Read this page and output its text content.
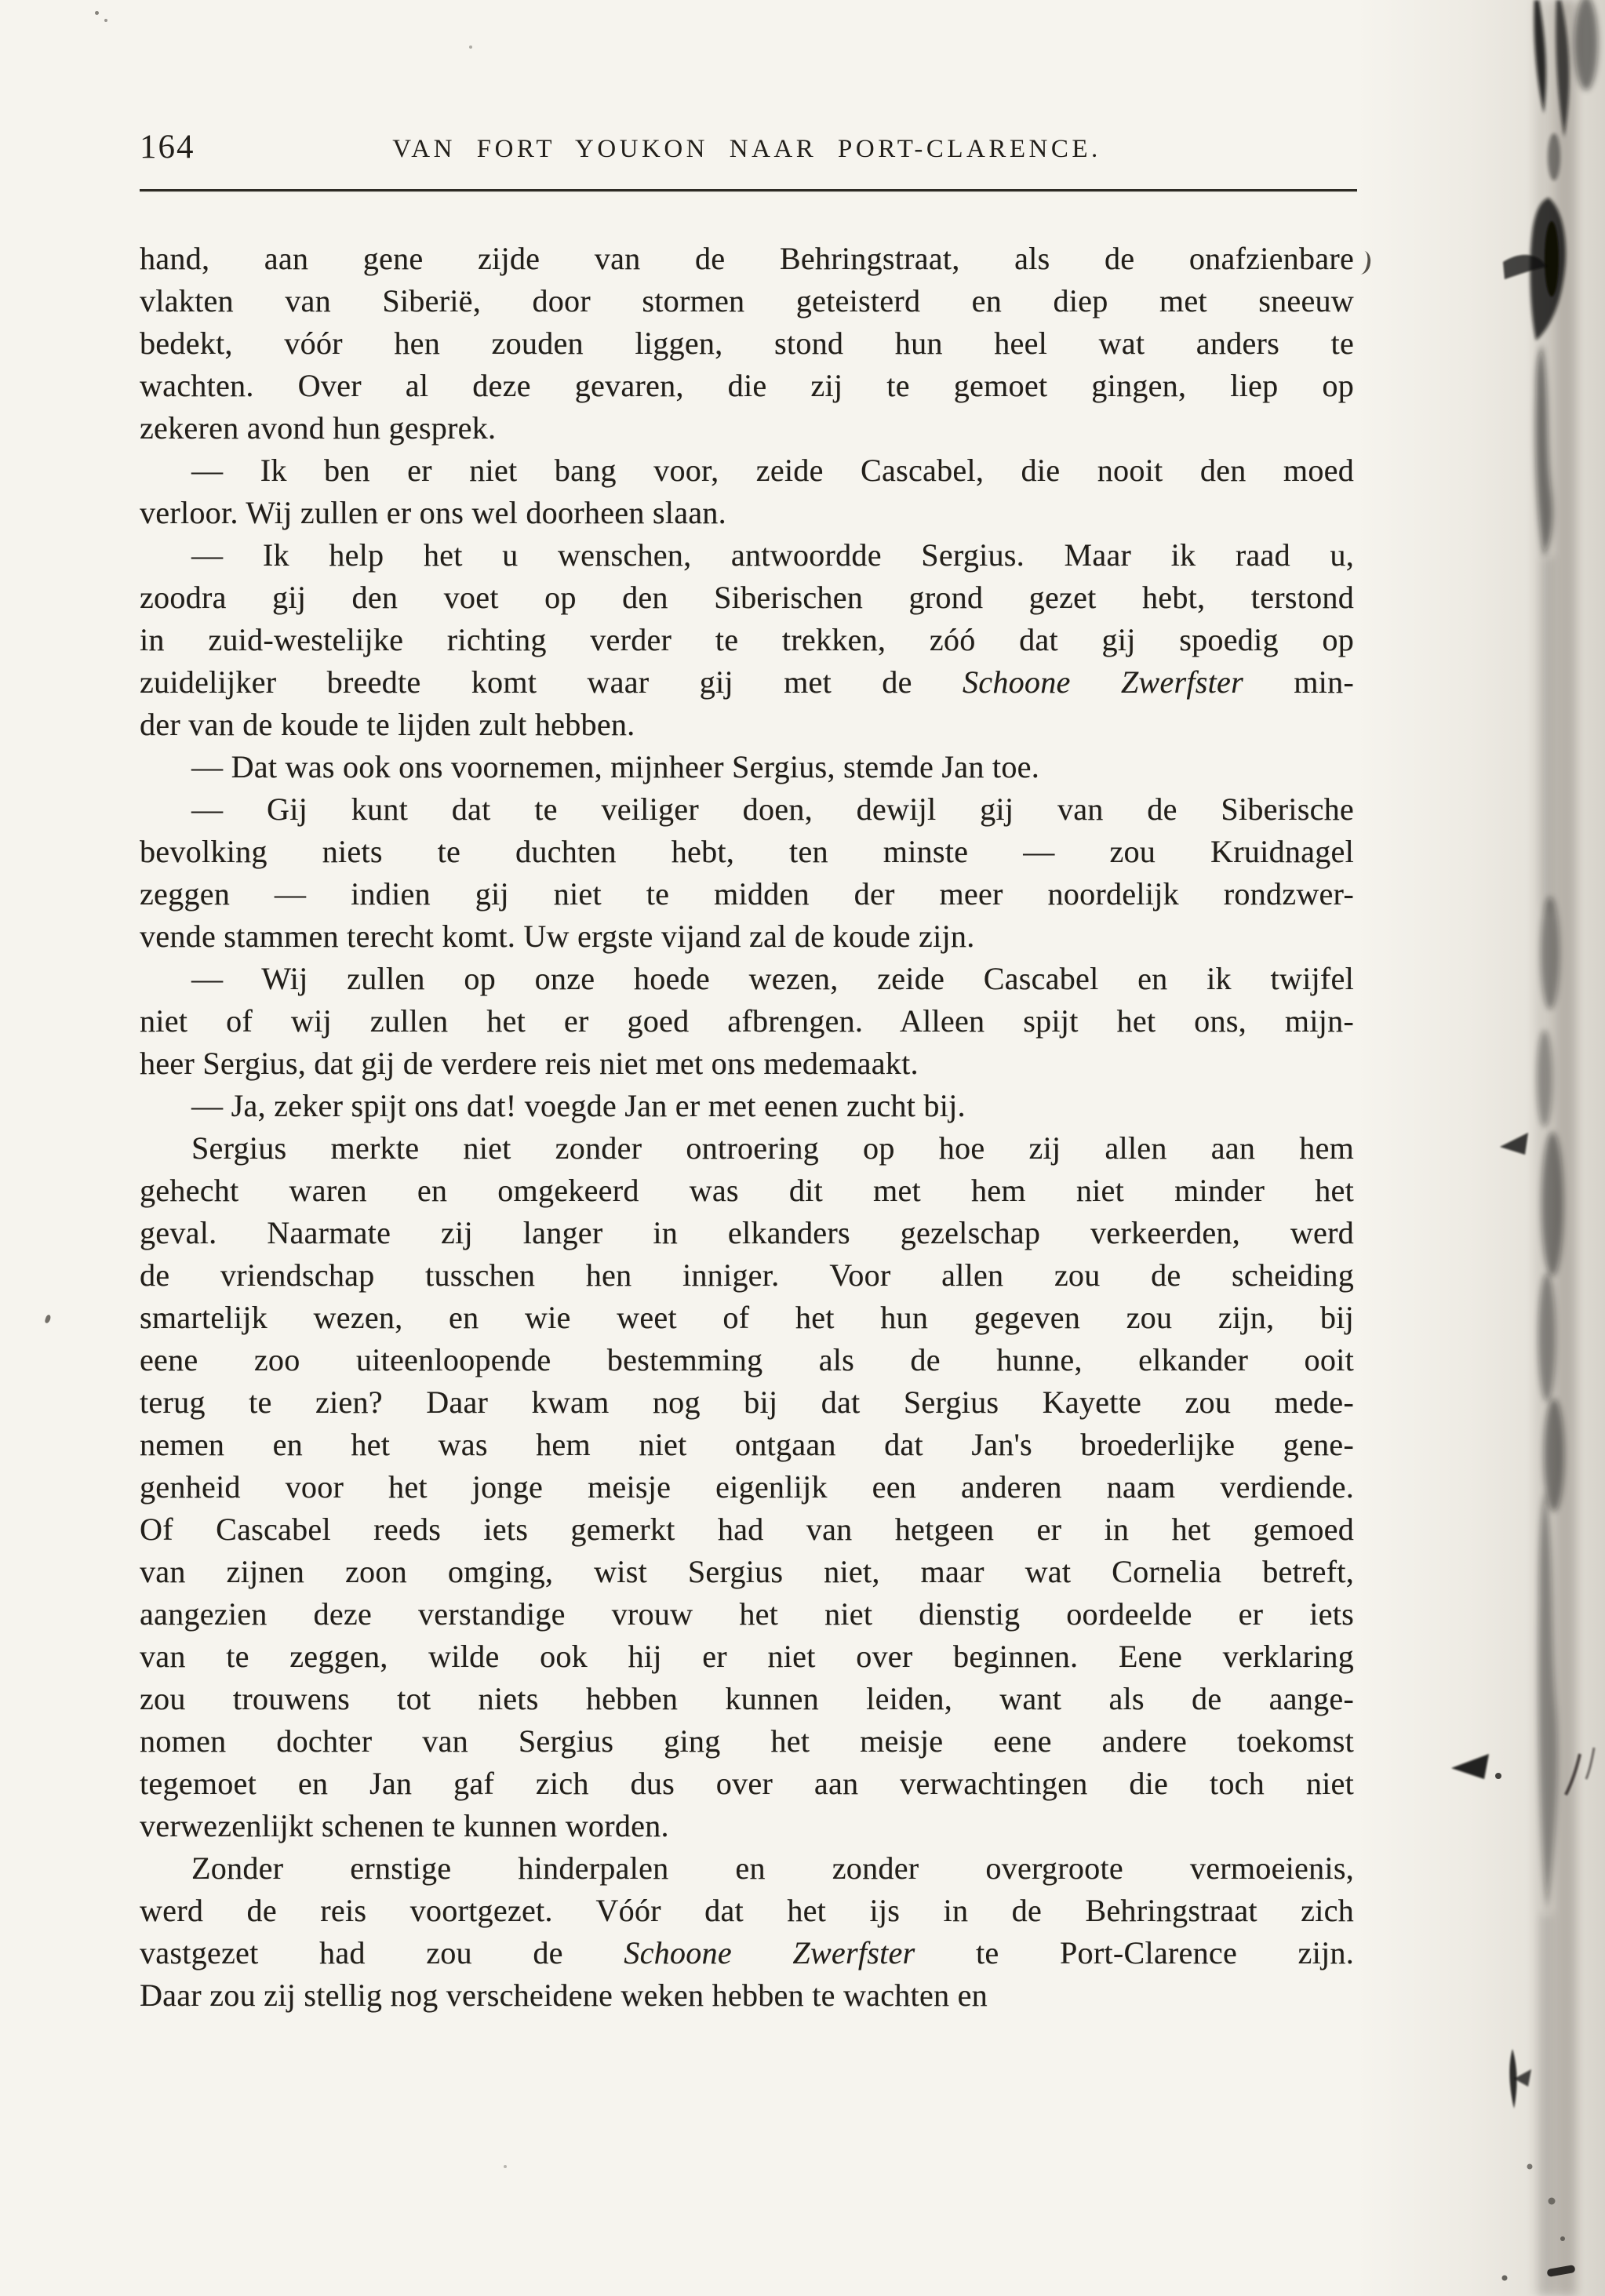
164	VAN FORT YOUKON NAAR PORT-CLARENCE.
hand, aan gene zijde van de Behringstraat, als de onafzienbare
vlakten van Siberië, door stormen geteisterd en diep met sneeuw
bedekt, vóór hen zouden liggen, stond hun heel wat anders te
wachten. Over al deze gevaren, die zij te gemoet gingen, liep op
zekeren avond hun gesprek.
— Ik ben er niet bang voor, zeide Cascabel, die nooit den moed
verloor. Wij zullen er ons wel doorheen slaan.
— Ik help het u wenschen, antwoordde Sergius. Maar ik raad u,
zoodra gij den voet op den Siberischen grond gezet hebt, terstond
in zuid-westelijke richting verder te trekken, zóó dat gij spoedig op
zuidelijker breedte komt waar gij met de Schoone Zwerfster min-
der van de koude te lijden zult hebben.
— Dat was ook ons voornemen, mijnheer Sergius, stemde Jan toe.
— Gij kunt dat te veiliger doen, dewijl gij van de Siberische
bevolking niets te duchten hebt, ten minste — zou Kruidnagel
zeggen — indien gij niet te midden der meer noordelijk rondzwer-
vende stammen terecht komt. Uw ergste vijand zal de koude zijn.
— Wij zullen op onze hoede wezen, zeide Cascabel en ik twijfel
niet of wij zullen het er goed afbrengen. Alleen spijt het ons, mijn-
heer Sergius, dat gij de verdere reis niet met ons medemaakt.
— Ja, zeker spijt ons dat! voegde Jan er met eenen zucht bij.
Sergius merkte niet zonder ontroering op hoe zij allen aan hem
gehecht waren en omgekeerd was dit met hem niet minder het
geval. Naarmate zij langer in elkanders gezelschap verkeerden, werd
de vriendschap tusschen hen inniger. Voor allen zou de scheiding
smartelijk wezen, en wie weet of het hun gegeven zou zijn, bij
eene zoo uiteenloopende bestemming als de hunne, elkander ooit
terug te zien? Daar kwam nog bij dat Sergius Kayette zou mede-
nemen en het was hem niet ontgaan dat Jan's broederlijke gene-
genheid voor het jonge meisje eigenlijk een anderen naam verdiende.
Of Cascabel reeds iets gemerkt had van hetgeen er in het gemoed
van zijnen zoon omging, wist Sergius niet, maar wat Cornelia betreft,
aangezien deze verstandige vrouw het niet dienstig oordeelde er iets
van te zeggen, wilde ook hij er niet over beginnen. Eene verklaring
zou trouwens tot niets hebben kunnen leiden, want als de aange-
nomen dochter van Sergius ging het meisje eene andere toekomst
tegemoet en Jan gaf zich dus over aan verwachtingen die toch niet
verwezenlijkt schenen te kunnen worden.
Zonder ernstige hinderpalen en zonder overgroote vermoeienis,
werd de reis voortgezet. Vóór dat het ijs in de Behringstraat zich
vastgezet had zou de Schoone Zwerfster te Port-Clarence zijn.
Daar zou zij stellig nog verscheidene weken hebben te wachten en
